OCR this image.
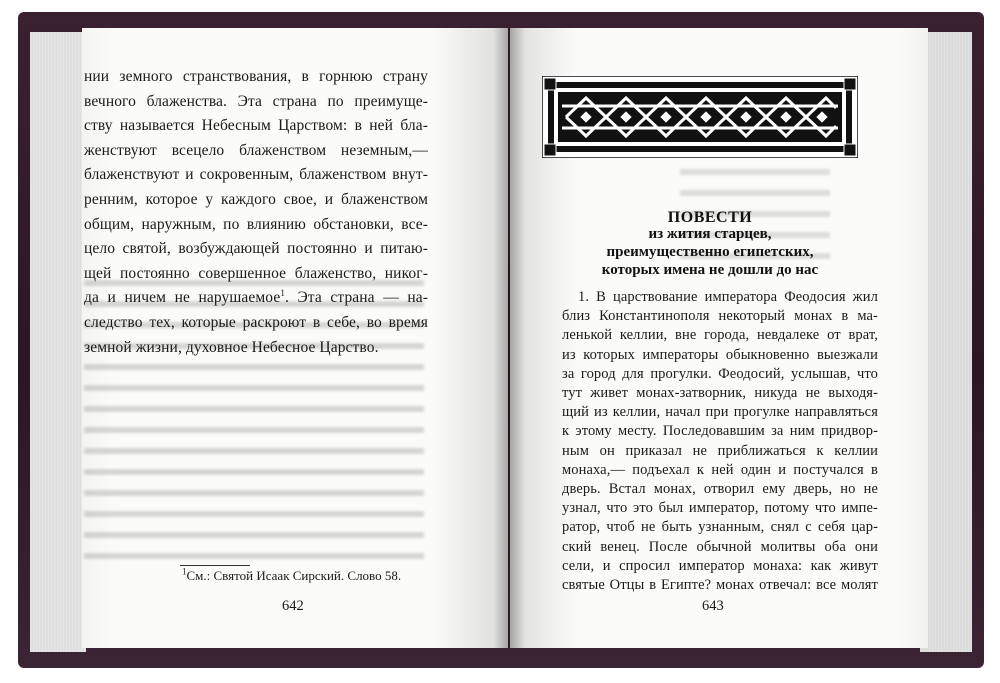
нии земного странствования, в горнюю страну
вечного блаженства. Эта страна по преимуще-
ству называется Небесным Царством: в ней бла-
женствуют всецело блаженством неземным,—
блаженствуют и сокровенным, блаженством внут-
ренним, которое у каждого свое, и блаженством
общим, наружным, по влиянию обстановки, все-
цело святой, возбуждающей постоянно и питаю-
щей постоянно совершенное блаженство, никог-
да и ничем не нарушаемое$^1$. Эта страна — на-
следство тех, которые раскроют в себе, во время
земной жизни, духовное Небесное Царство.
$^1$См.: Святой Исаак Сирский. Слово 58.
642
ПОВЕСТИ
из жития старцев,
преимущественно египетских,
которых имена не дошли до нас
1. В царствование императора Феодосия жил
близ Константинополя некоторый монах в ма-
ленькой келлии, вне города, невдалеке от врат,
из которых императоры обыкновенно выезжали
за город для прогулки. Феодосий, услышав, что
тут живет монах-затворник, никуда не выходя-
щий из келлии, начал при прогулке направляться
к этому месту. Последовавшим за ним придвор-
ным он приказал не приближаться к келлии
монаха,— подъехал к ней один и постучался в
дверь. Встал монах, отворил ему дверь, но не
узнал, что это был император, потому что импе-
ратор, чтоб не быть узнанным, снял с себя цар-
ский венец. После обычной молитвы оба они
сели, и спросил император монаха: как живут
святые Отцы в Египте? монах отвечал: все молят
643
